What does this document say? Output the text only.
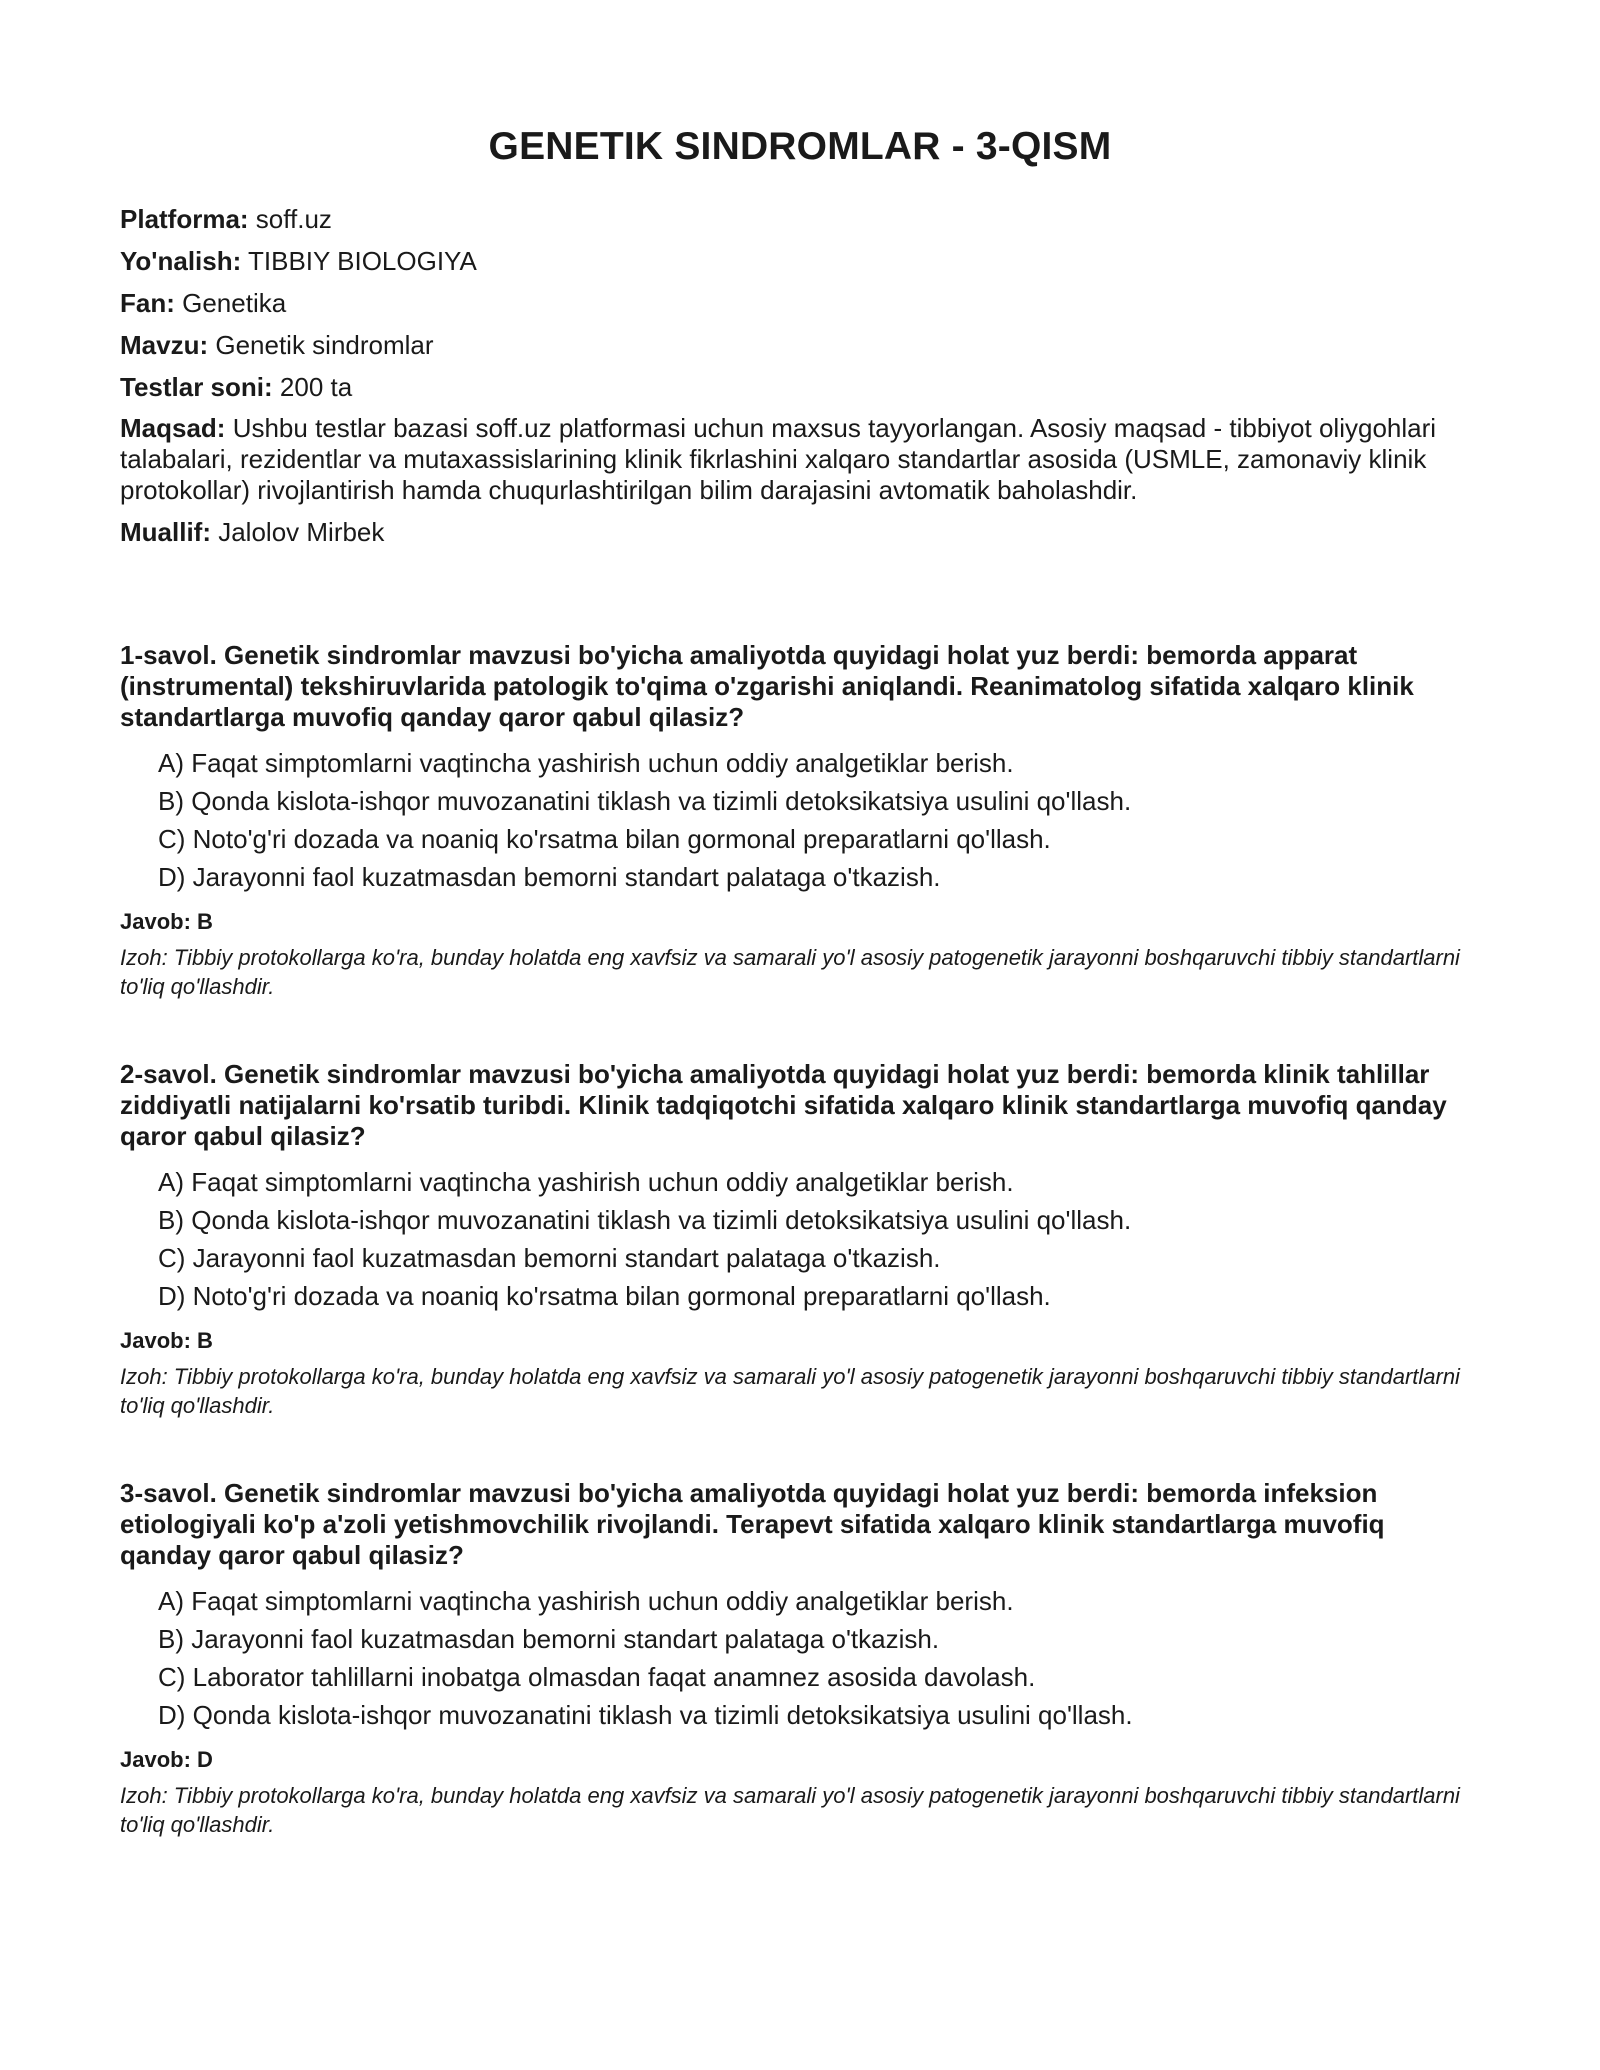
GENETIK SINDROMLAR - 3-QISM
Platforma: soff.uz
Yo'nalish: TIBBIY BIOLOGIYA
Fan: Genetika
Mavzu: Genetik sindromlar
Testlar soni: 200 ta
Maqsad: Ushbu testlar bazasi soff.uz platformasi uchun maxsus tayyorlangan. Asosiy maqsad - tibbiyot oliygohlari talabalari, rezidentlar va mutaxassislarining klinik fikrlashini xalqaro standartlar asosida (USMLE, zamonaviy klinik protokollar) rivojlantirish hamda chuqurlashtirilgan bilim darajasini avtomatik baholashdir.
Muallif: Jalolov Mirbek
1-savol. Genetik sindromlar mavzusi bo'yicha amaliyotda quyidagi holat yuz berdi: bemorda apparat (instrumental) tekshiruvlarida patologik to'qima o'zgarishi aniqlandi. Reanimatolog sifatida xalqaro klinik standartlarga muvofiq qanday qaror qabul qilasiz?
A) Faqat simptomlarni vaqtincha yashirish uchun oddiy analgetiklar berish.
B) Qonda kislota-ishqor muvozanatini tiklash va tizimli detoksikatsiya usulini qo'llash.
C) Noto'g'ri dozada va noaniq ko'rsatma bilan gormonal preparatlarni qo'llash.
D) Jarayonni faol kuzatmasdan bemorni standart palataga o'tkazish.
Javob: B
Izoh: Tibbiy protokollarga ko'ra, bunday holatda eng xavfsiz va samarali yo'l asosiy patogenetik jarayonni boshqaruvchi tibbiy standartlarni to'liq qo'llashdir.
2-savol. Genetik sindromlar mavzusi bo'yicha amaliyotda quyidagi holat yuz berdi: bemorda klinik tahlillar ziddiyatli natijalarni ko'rsatib turibdi. Klinik tadqiqotchi sifatida xalqaro klinik standartlarga muvofiq qanday qaror qabul qilasiz?
A) Faqat simptomlarni vaqtincha yashirish uchun oddiy analgetiklar berish.
B) Qonda kislota-ishqor muvozanatini tiklash va tizimli detoksikatsiya usulini qo'llash.
C) Jarayonni faol kuzatmasdan bemorni standart palataga o'tkazish.
D) Noto'g'ri dozada va noaniq ko'rsatma bilan gormonal preparatlarni qo'llash.
Javob: B
Izoh: Tibbiy protokollarga ko'ra, bunday holatda eng xavfsiz va samarali yo'l asosiy patogenetik jarayonni boshqaruvchi tibbiy standartlarni to'liq qo'llashdir.
3-savol. Genetik sindromlar mavzusi bo'yicha amaliyotda quyidagi holat yuz berdi: bemorda infeksion etiologiyali ko'p a'zoli yetishmovchilik rivojlandi. Terapevt sifatida xalqaro klinik standartlarga muvofiq qanday qaror qabul qilasiz?
A) Faqat simptomlarni vaqtincha yashirish uchun oddiy analgetiklar berish.
B) Jarayonni faol kuzatmasdan bemorni standart palataga o'tkazish.
C) Laborator tahlillarni inobatga olmasdan faqat anamnez asosida davolash.
D) Qonda kislota-ishqor muvozanatini tiklash va tizimli detoksikatsiya usulini qo'llash.
Javob: D
Izoh: Tibbiy protokollarga ko'ra, bunday holatda eng xavfsiz va samarali yo'l asosiy patogenetik jarayonni boshqaruvchi tibbiy standartlarni to'liq qo'llashdir.
